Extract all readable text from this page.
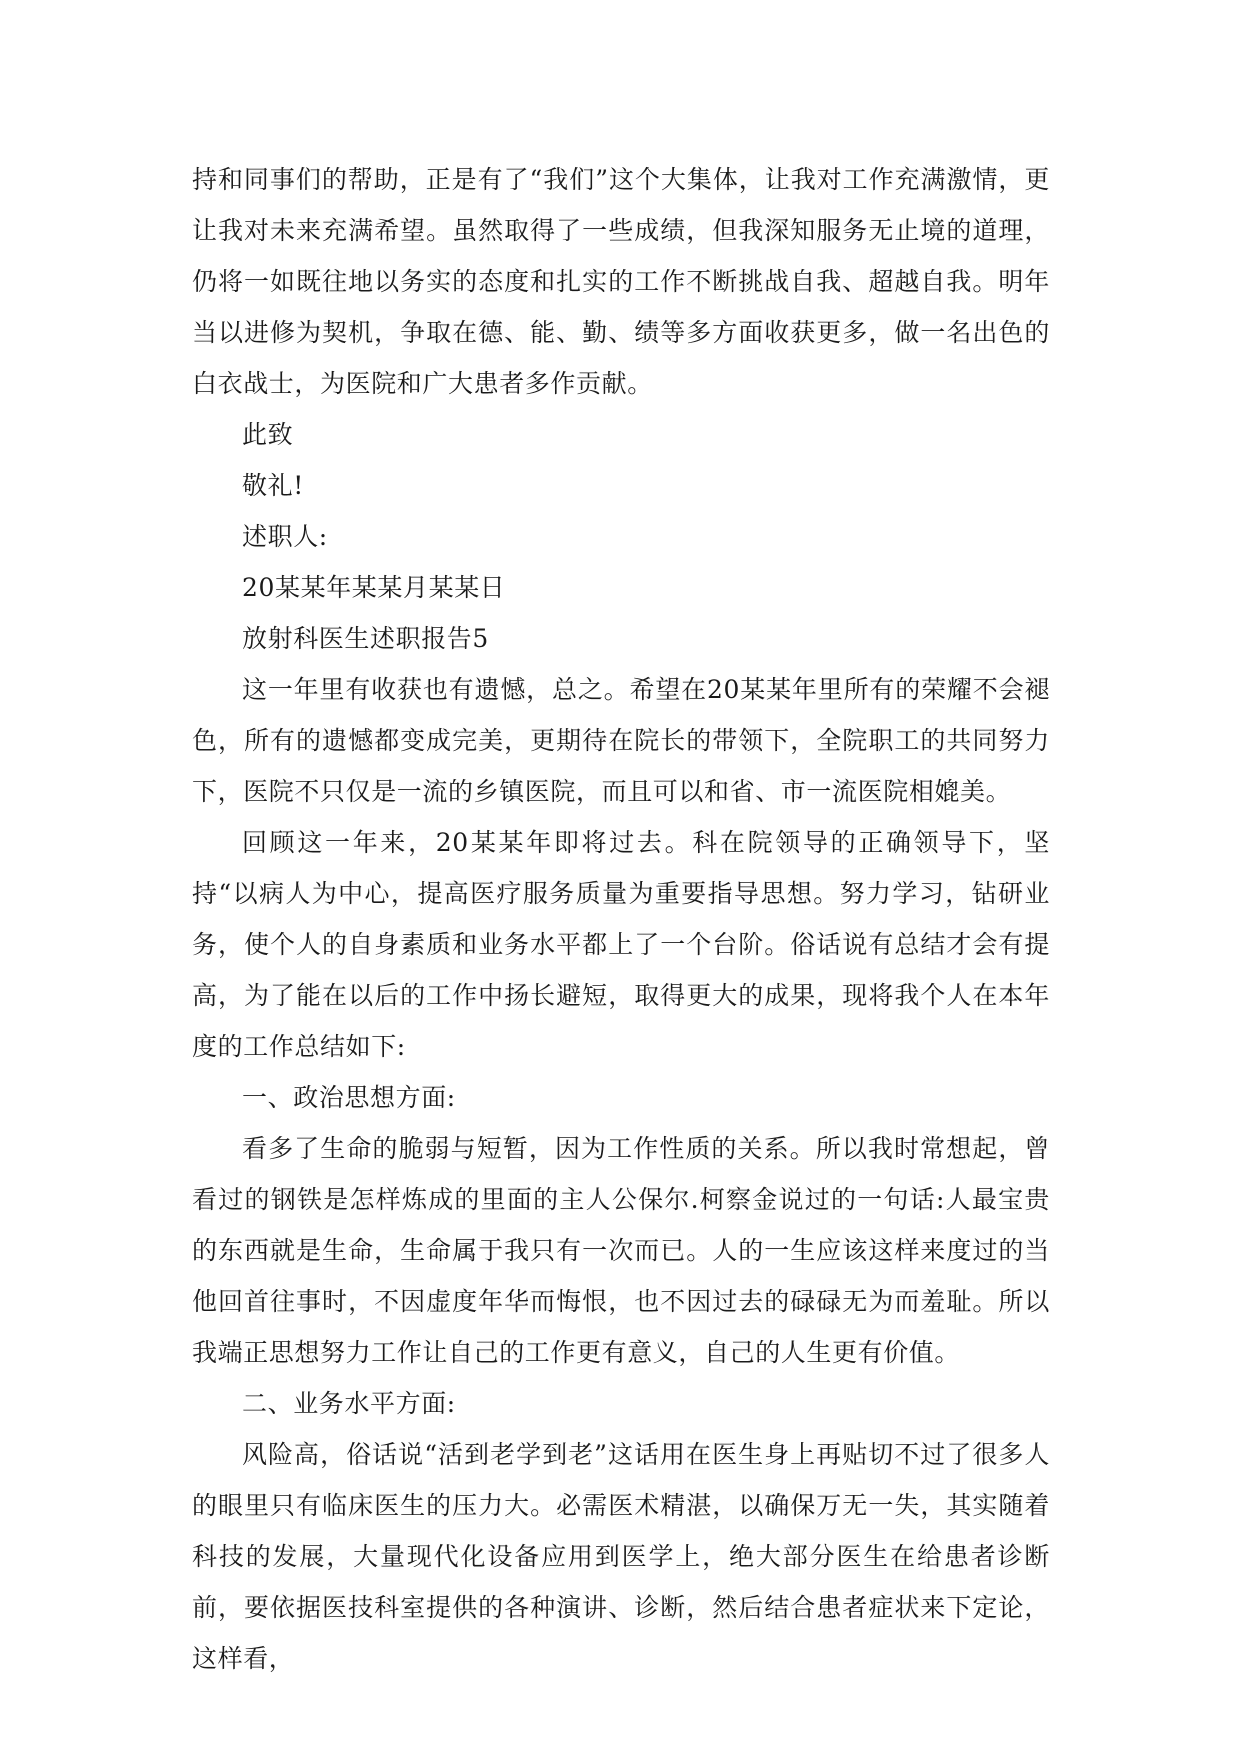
持和同事们的帮助，正是有了“我们”这个大集体，让我对工作充满激情，更让我对未来充满希望。虽然取得了一些成绩，但我深知服务无止境的道理，仍将一如既往地以务实的态度和扎实的工作不断挑战自我、超越自我。明年当以进修为契机，争取在德、能、勤、绩等多方面收获更多，做一名出色的白衣战士，为医院和广大患者多作贡献。

此致

敬礼!

述职人:

20某某年某某月某某日

放射科医生述职报告5

这一年里有收获也有遗憾，总之。希望在20某某年里所有的荣耀不会褪色，所有的遗憾都变成完美，更期待在院长的带领下，全院职工的共同努力下，医院不只仅是一流的乡镇医院，而且可以和省、市一流医院相媲美。

回顾这一年来，20某某年即将过去。科在院领导的正确领导下，坚持“以病人为中心，提高医疗服务质量为重要指导思想。努力学习，钻研业务，使个人的自身素质和业务水平都上了一个台阶。俗话说有总结才会有提高，为了能在以后的工作中扬长避短，取得更大的成果，现将我个人在本年度的工作总结如下:

一、政治思想方面:

看多了生命的脆弱与短暂，因为工作性质的关系。所以我时常想起，曾看过的钢铁是怎样炼成的里面的主人公保尔.柯察金说过的一句话:人最宝贵的东西就是生命，生命属于我只有一次而已。人的一生应该这样来度过的当他回首往事时，不因虚度年华而悔恨，也不因过去的碌碌无为而羞耻。所以我端正思想努力工作让自己的工作更有意义，自己的人生更有价值。

二、业务水平方面:

风险高，俗话说“活到老学到老”这话用在医生身上再贴切不过了很多人的眼里只有临床医生的压力大。必需医术精湛，以确保万无一失，其实随着科技的发展，大量现代化设备应用到医学上，绝大部分医生在给患者诊断前，要依据医技科室提供的各种演讲、诊断，然后结合患者症状来下定论，这样看，
